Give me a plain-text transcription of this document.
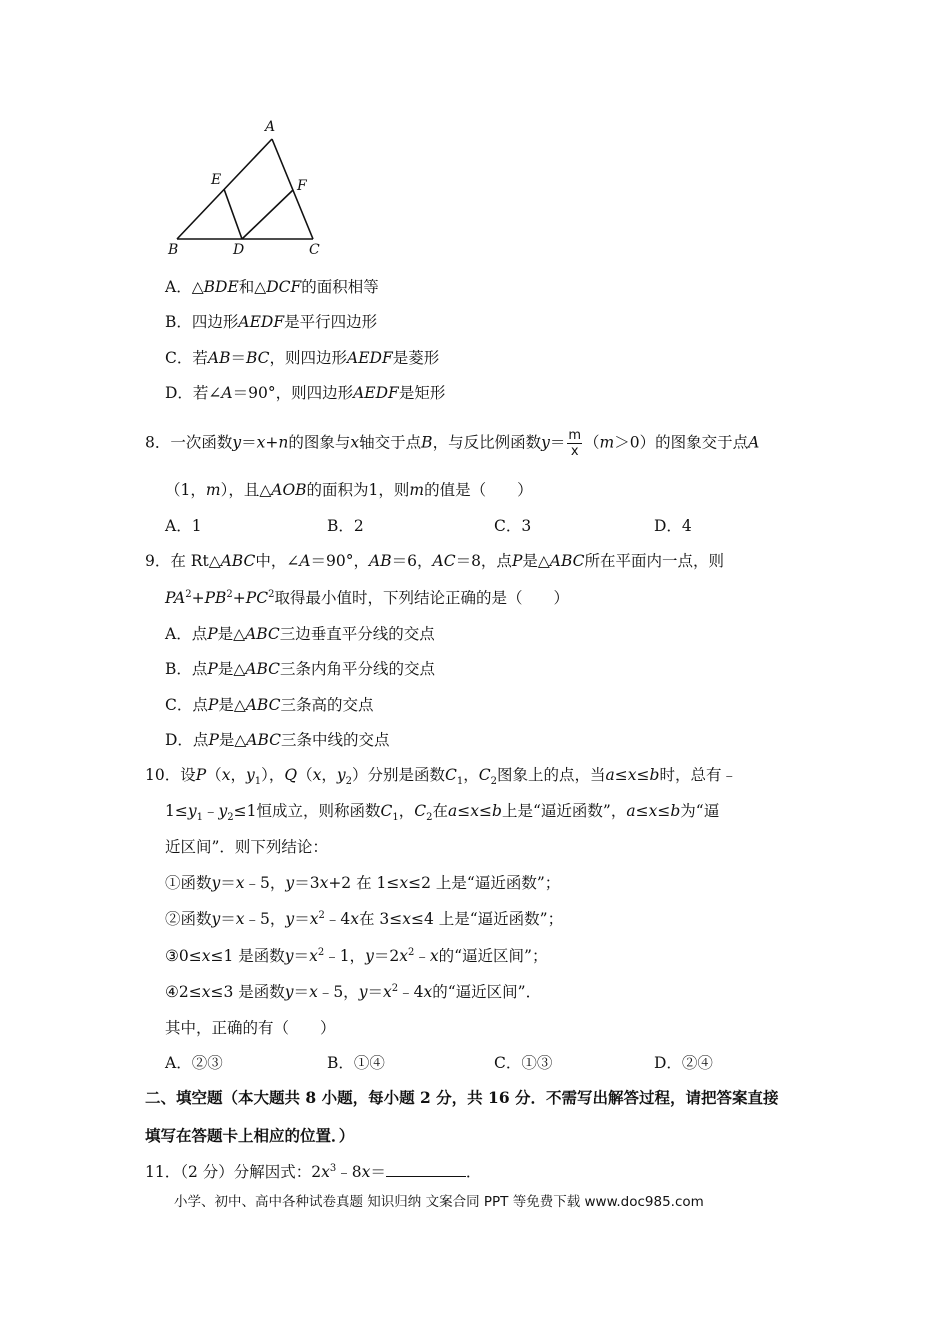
A
B	C
D
E	F
A．△BDE和△DCF的面积相等
B．四边形AEDF是平行四边形
C．若AB＝BC，则四边形AEDF是菱形
D．若∠A＝90°，则四边形AEDF是矩形
8．一次函数y＝x+n的图象与x轴交于点B，与反比例函数$y= \frac{m}{x} (m>0)$的图象交于点A
（1，m），且△AOB的面积为1，则m的值是（　　）
A．1	B．2	C．3	D．4
9．在 Rt△ABC中，∠A＝90°，AB＝6，AC＝8，点P是△ABC所在平面内一点，则
$PA^2+PB^2+PC^2$取得最小值时，下列结论正确的是（　　）
A．点P是△ABC三边垂直平分线的交点
B．点P是△ABC三条内角平分线的交点
C．点P是△ABC三条高的交点
D．点P是△ABC三条中线的交点
10．设P（x，$y_1$），Q（x，$y_2$）分别是函数$C_1$，$C_2$图象上的点，当a≤x≤b时，总有﹣
$1\le y_1﹣y_2\le 1$恒成立，则称函数$C_1$，$C_2$在a≤x≤b上是“逼近函数”，a≤x≤b为“逼
近区间”．则下列结论：
①函数y＝x﹣5，y＝3x+2 在 1≤x≤2 上是“逼近函数”；
②函数y＝x﹣5，$y=x^2﹣4x$在 3≤x≤4 上是“逼近函数”；
③0≤x≤1 是函数$y=x^2﹣1$，$y=2x^2﹣x$的“逼近区间”；
④2≤x≤3 是函数y＝x﹣5，$y=x^2﹣4x$的“逼近区间”．
其中，正确的有（　　）
A．②③	B．①④	C．①③	D．②④
二、填空题（本大题共 8 小题，每小题 2 分，共 16 分．不需写出解答过程，请把答案直接
填写在答题卡上相应的位置．）
11．（2 分）分解因式：$2x^3﹣8x=$	．
小学、初中、高中各种试卷真题 知识归纳 文案合同 PPT 等免费下载 www.doc985.com
